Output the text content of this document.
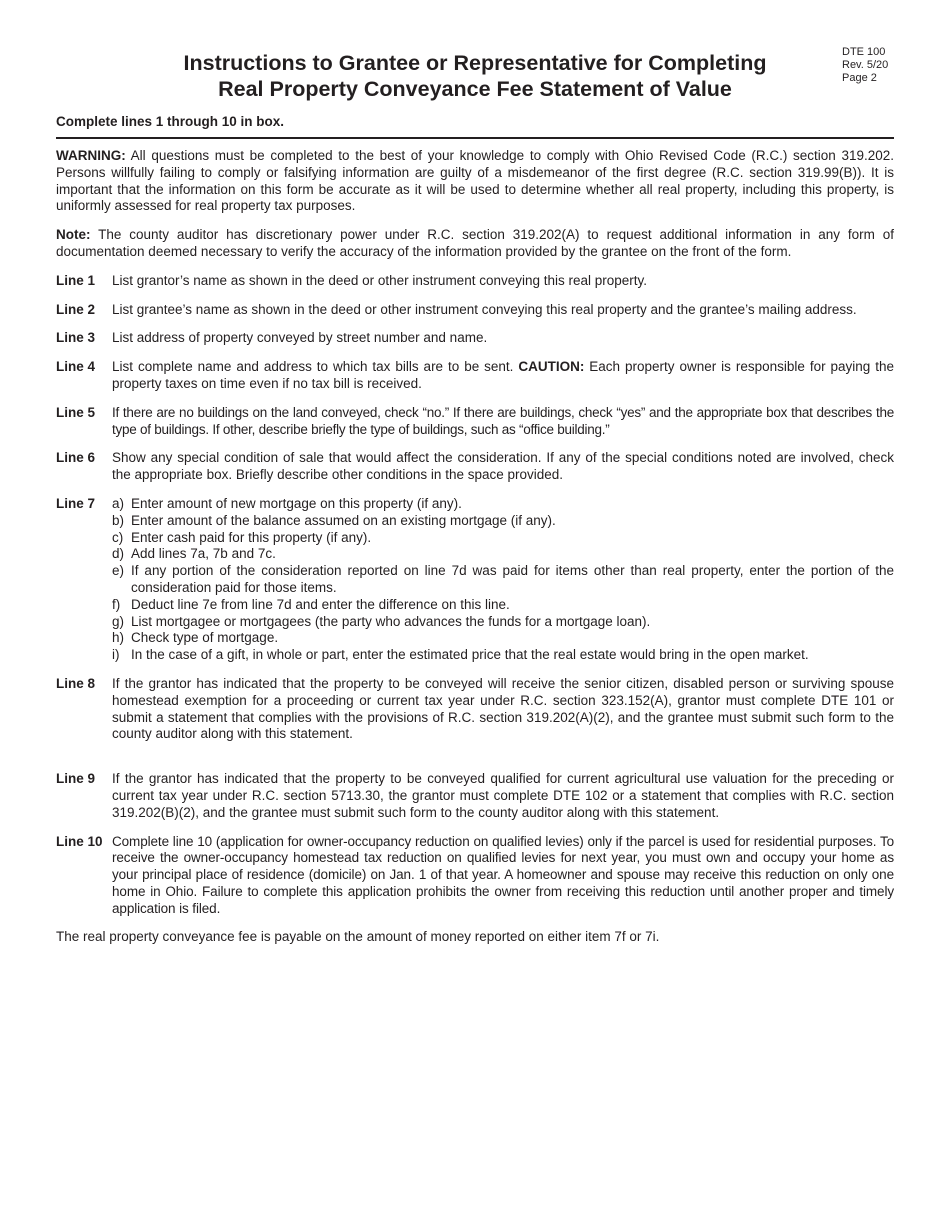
Instructions to Grantee or Representative for Completing
Real Property Conveyance Fee Statement of Value
DTE 100
Rev. 5/20
Page 2
Complete lines 1 through 10 in box.

WARNING: All questions must be completed to the best of your knowledge to comply with Ohio Revised Code (R.C.) section 319.202. Persons willfully failing to comply or falsifying information are guilty of a misdemeanor of the first degree (R.C. section 319.99(B)). It is important that the information on this form be accurate as it will be used to determine whether all real property, including this property, is uniformly assessed for real property tax purposes.

Note: The county auditor has discretionary power under R.C. section 319.202(A) to request additional information in any form of documentation deemed necessary to verify the accuracy of the information provided by the grantee on the front of the form.

Line 1	List grantor’s name as shown in the deed or other instrument conveying this real property.
Line 2	List grantee’s name as shown in the deed or other instrument conveying this real property and the grantee’s mailing address.
Line 3	List address of property conveyed by street number and name.
Line 4	List complete name and address to which tax bills are to be sent. CAUTION: Each property owner is responsible for paying the property taxes on time even if no tax bill is received.
Line 5	If there are no buildings on the land conveyed, check “no.” If there are buildings, check “yes” and the appropriate box that describes the type of buildings. If other, describe briefly the type of buildings, such as “office building.”
Line 6	Show any special condition of sale that would affect the consideration. If any of the special conditions noted are involved, check the appropriate box. Briefly describe other conditions in the space provided.
Line 7	a) Enter amount of new mortgage on this property (if any).
b) Enter amount of the balance assumed on an existing mortgage (if any).
c) Enter cash paid for this property (if any).
d) Add lines 7a, 7b and 7c.
e) If any portion of the consideration reported on line 7d was paid for items other than real property, enter the portion of the consideration paid for those items.
f) Deduct line 7e from line 7d and enter the difference on this line.
g) List mortgagee or mortgagees (the party who advances the funds for a mortgage loan).
h) Check type of mortgage.
i) In the case of a gift, in whole or part, enter the estimated price that the real estate would bring in the open market.
Line 8	If the grantor has indicated that the property to be conveyed will receive the senior citizen, disabled person or surviving spouse homestead exemption for a proceeding or current tax year under R.C. section 323.152(A), grantor must complete DTE 101 or submit a statement that complies with the provisions of R.C. section 319.202(A)(2), and the grantee must submit such form to the county auditor along with this statement.
Line 9	If the grantor has indicated that the property to be conveyed qualified for current agricultural use valuation for the preceding or current tax year under R.C. section 5713.30, the grantor must complete DTE 102 or a statement that complies with R.C. section 319.202(B)(2), and the grantee must submit such form to the county auditor along with this statement.
Line 10 Complete line 10 (application for owner-occupancy reduction on qualified levies) only if the parcel is used for residential purposes. To receive the owner-occupancy homestead tax reduction on qualified levies for next year, you must own and occupy your home as your principal place of residence (domicile) on Jan. 1 of that year. A homeowner and spouse may receive this reduction on only one home in Ohio. Failure to complete this application prohibits the owner from receiving this reduction until another proper and timely application is filed.

The real property conveyance fee is payable on the amount of money reported on either item 7f or 7i.
